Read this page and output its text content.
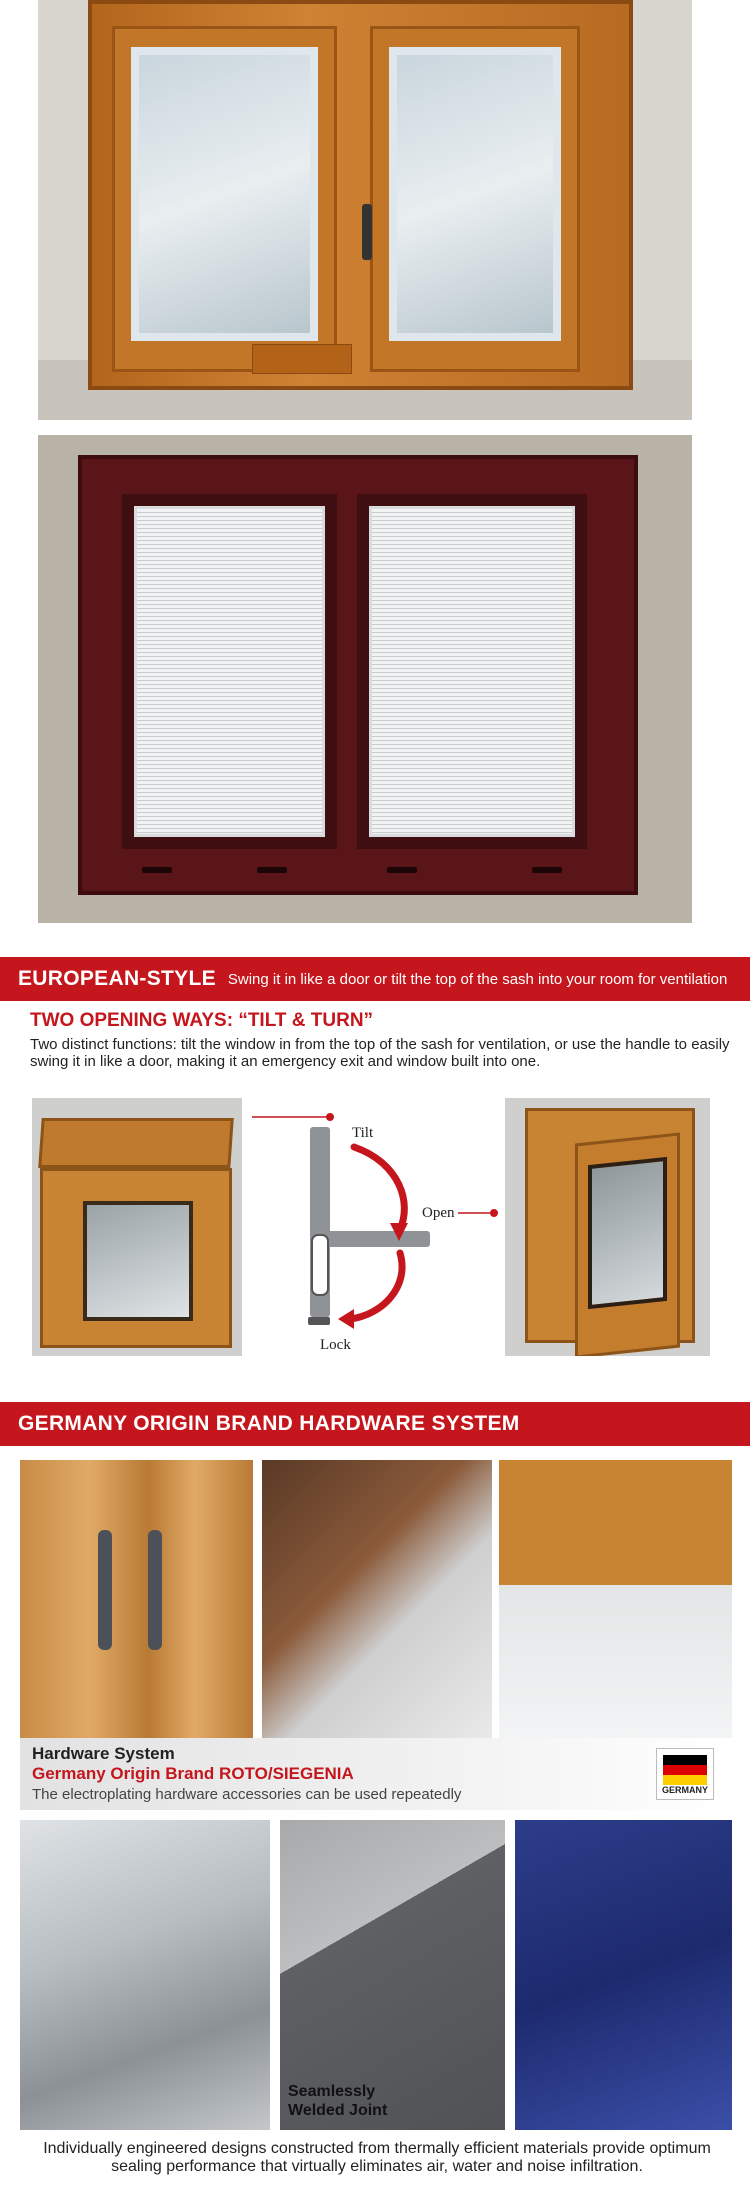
EUROPEAN-STYLE Swing it in like a door or tilt the top of the sash into your room for ventilation
TWO OPENING WAYS: “TILT & TURN”
Two distinct functions: tilt the window in from the top of the sash for ventilation, or use the handle to easily swing it in like a door, making it an emergency exit and window built into one.
Tilt
Open
Lock
GERMANY ORIGIN BRAND HARDWARE SYSTEM
Hardware System
Germany Origin Brand ROTO/SIEGENIA
The electroplating hardware accessories can be used repeatedly	GERMANY
Seamlessly
Welded Joint
Individually engineered designs constructed from thermally efficient materials provide optimum sealing performance that virtually eliminates air, water and noise infiltration.
